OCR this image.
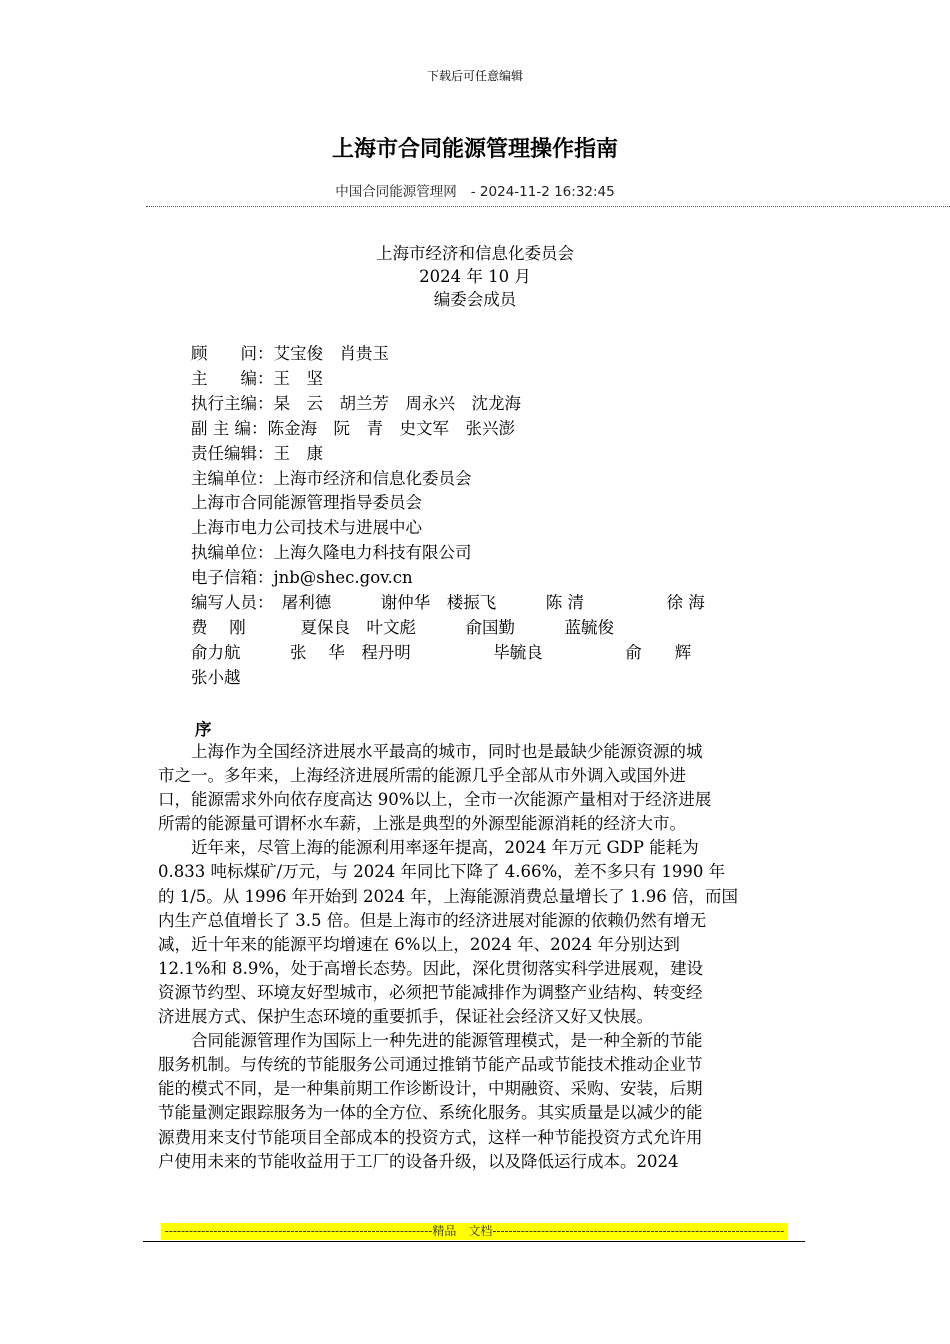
下载后可任意编辑
上海市合同能源管理操作指南
中国合同能源管理网 - 2024-11-2 16:32:45
上海市经济和信息化委员会
2024 年 10 月
编委会成员
顾　　问：艾宝俊　肖贵玉
主　　编：王　坚
执行主编：杲　云　胡兰芳　周永兴　沈龙海
副 主 编：陈金海　阮　青　史文军　张兴澎
责任编辑：王　康
主编单位：上海市经济和信息化委员会
上海市合同能源管理指导委员会
上海市电力公司技术与进展中心
执编单位：上海久隆电力科技有限公司
电子信箱：jnb@shec.gov.cn
编写人员：　屠利德　　　谢仲华　楼振飞　　　陈 清　　　　　徐 海
费　 刚　　　 夏保良　叶文彪　　　俞国勤　　　蓝毓俊
俞力航　　　张　 华　程丹明　　　　　毕毓良　　　　　俞　　辉
张小越
序
上海作为全国经济进展水平最高的城市，同时也是最缺少能源资源的城
市之一。多年来，上海经济进展所需的能源几乎全部从市外调入或国外进
口，能源需求外向依存度高达 90%以上，全市一次能源产量相对于经济进展
所需的能源量可谓杯水车薪，上涨是典型的外源型能源消耗的经济大市。
近年来，尽管上海的能源利用率逐年提高，2024 年万元 GDP 能耗为
0.833 吨标煤矿/万元，与 2024 年同比下降了 4.66%，差不多只有 1990 年
的 1/5。从 1996 年开始到 2024 年，上海能源消费总量增长了 1.96 倍，而国
内生产总值增长了 3.5 倍。但是上海市的经济进展对能源的依赖仍然有增无
减，近十年来的能源平均增速在 6%以上，2024 年、2024 年分别达到
12.1%和 8.9%，处于高增长态势。因此，深化贯彻落实科学进展观，建设
资源节约型、环境友好型城市，必须把节能减排作为调整产业结构、转变经
济进展方式、保护生态环境的重要抓手，保证社会经济又好又快展。
合同能源管理作为国际上一种先进的能源管理模式，是一种全新的节能
服务机制。与传统的节能服务公司通过推销节能产品或节能技术推动企业节
能的模式不同，是一种集前期工作诊断设计，中期融资、采购、安装，后期
节能量测定跟踪服务为一体的全方位、系统化服务。其实质量是以减少的能
源费用来支付节能项目全部成本的投资方式，这样一种节能投资方式允许用
户使用未来的节能收益用于工厂的设备升级，以及降低运行成本。2024
------------------------------------------------------------------精品　文档------------------------------------------------------------------------
